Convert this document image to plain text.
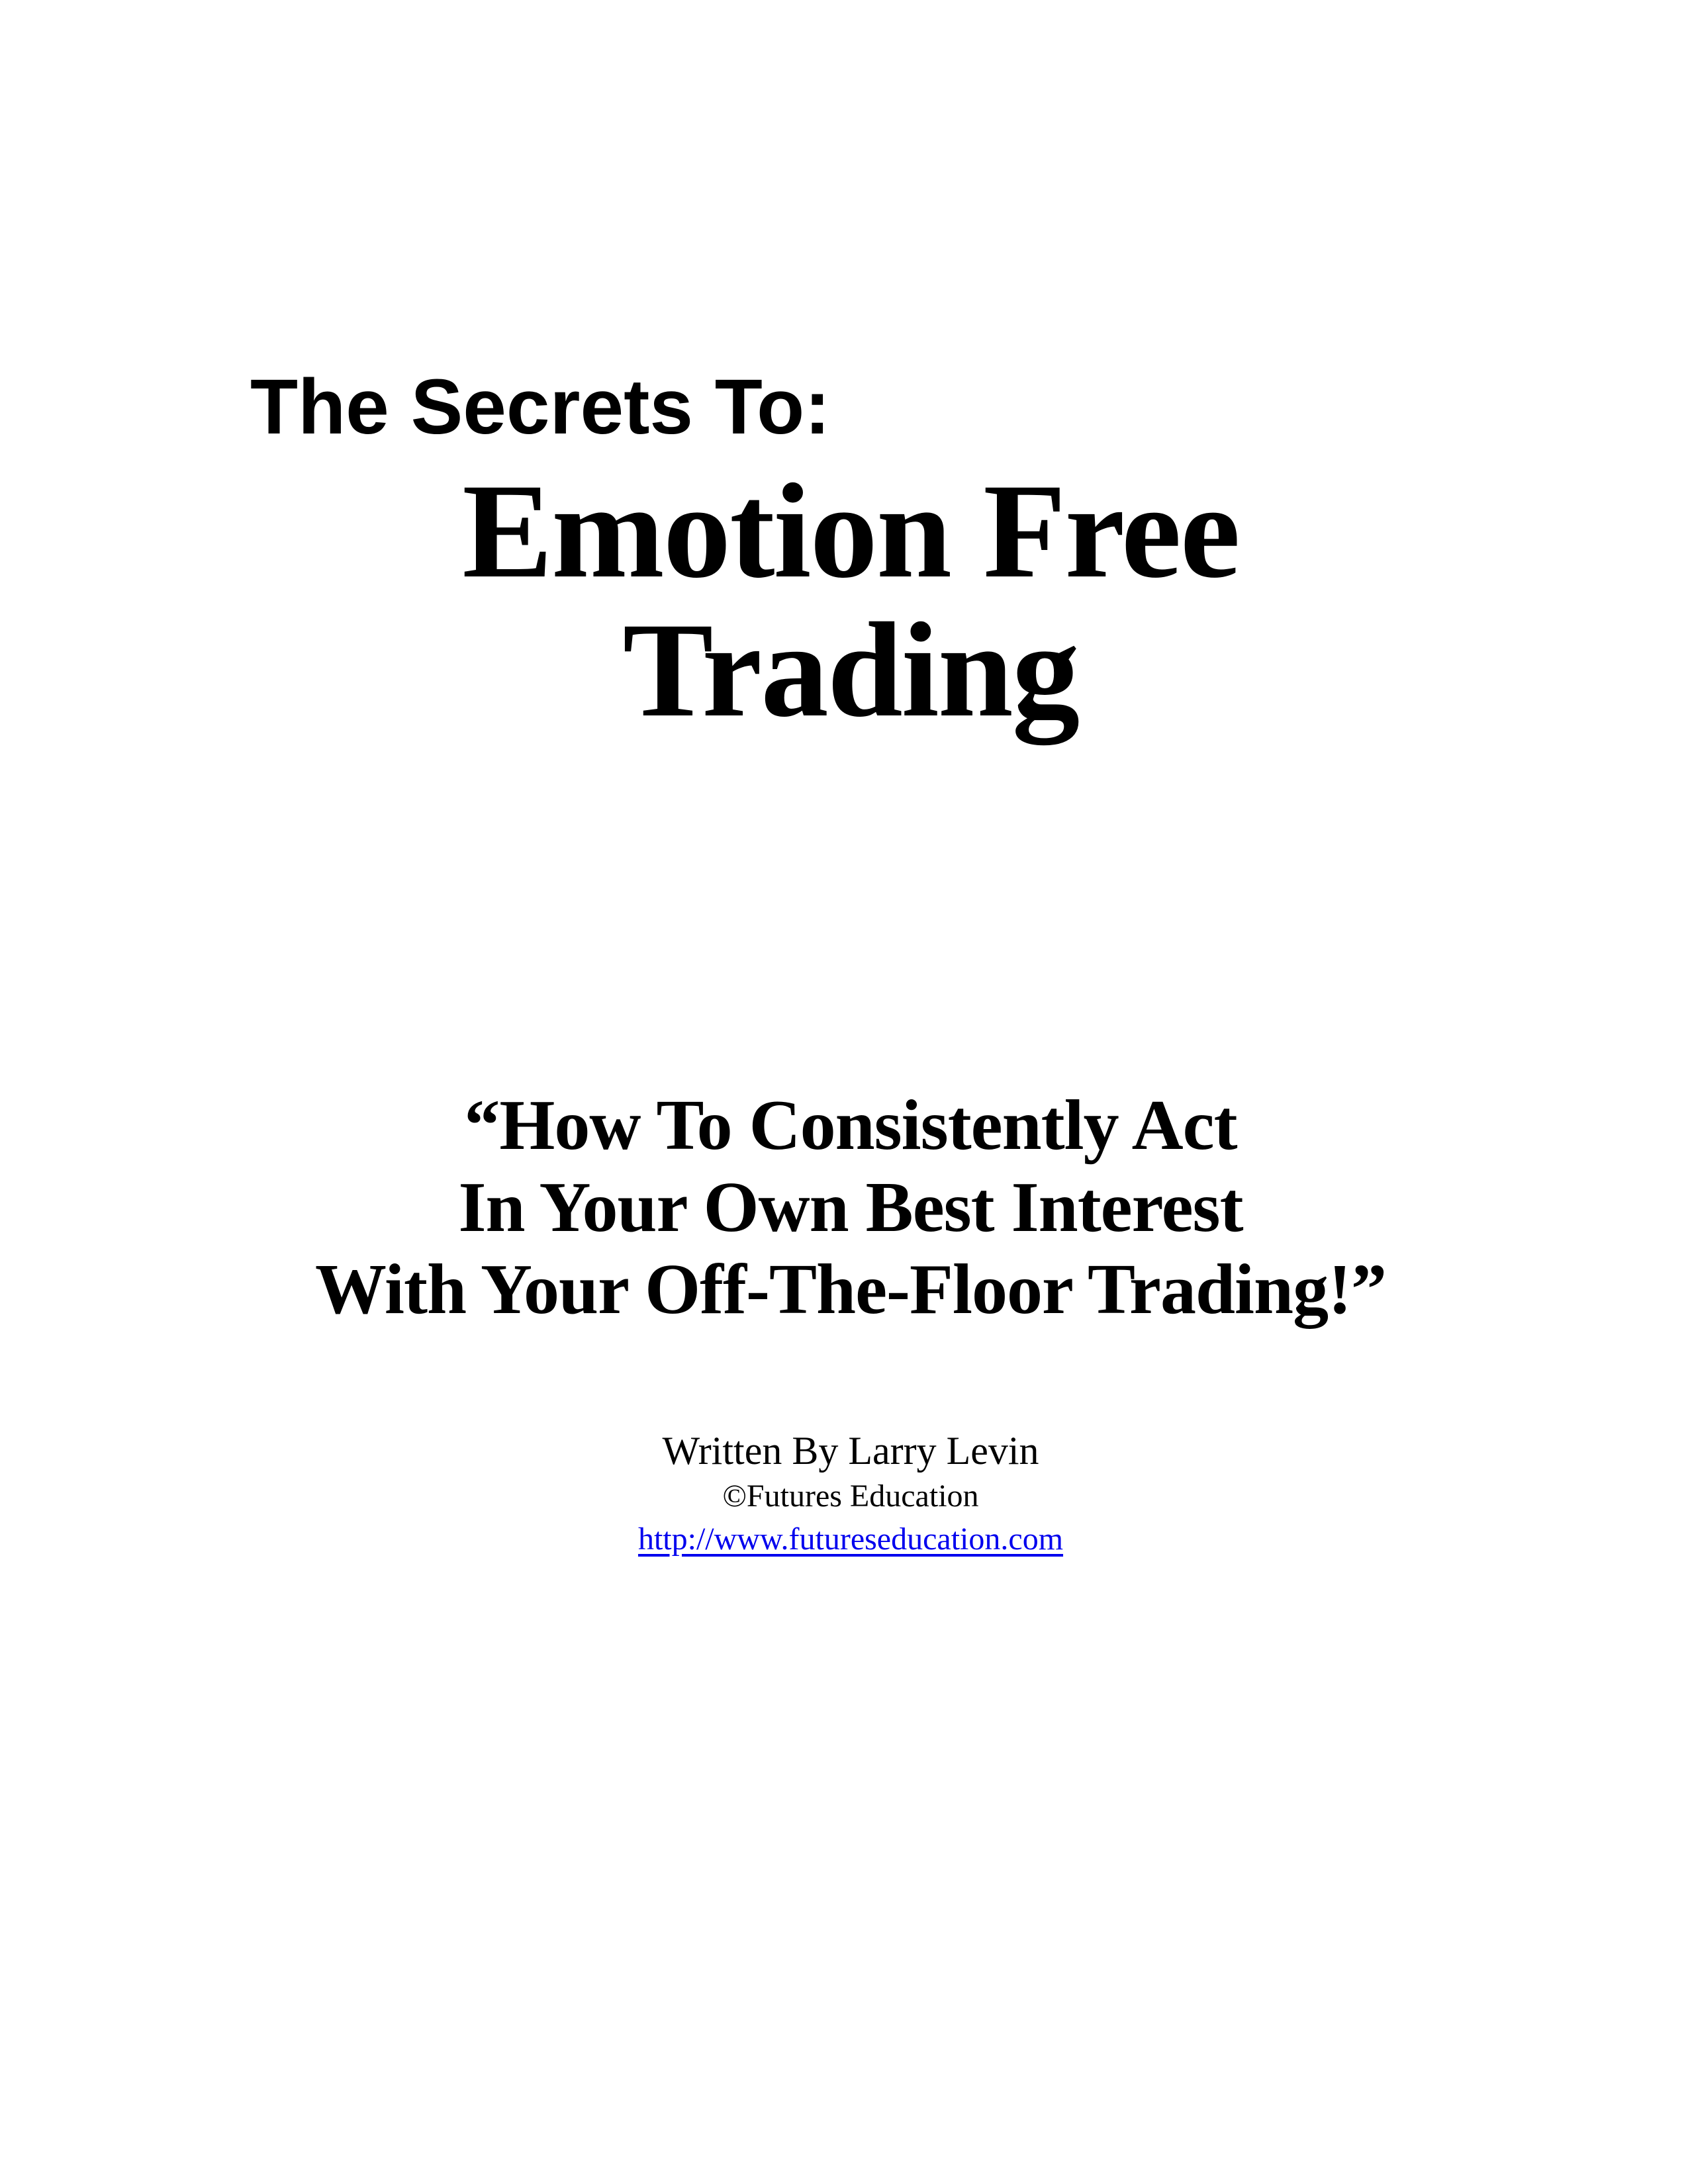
The Secrets To:
Emotion Free
Trading
“How To Consistently Act
In Your Own Best Interest
With Your Off-The-Floor Trading!”
Written By Larry Levin
©Futures Education
http://www.futureseducation.com
